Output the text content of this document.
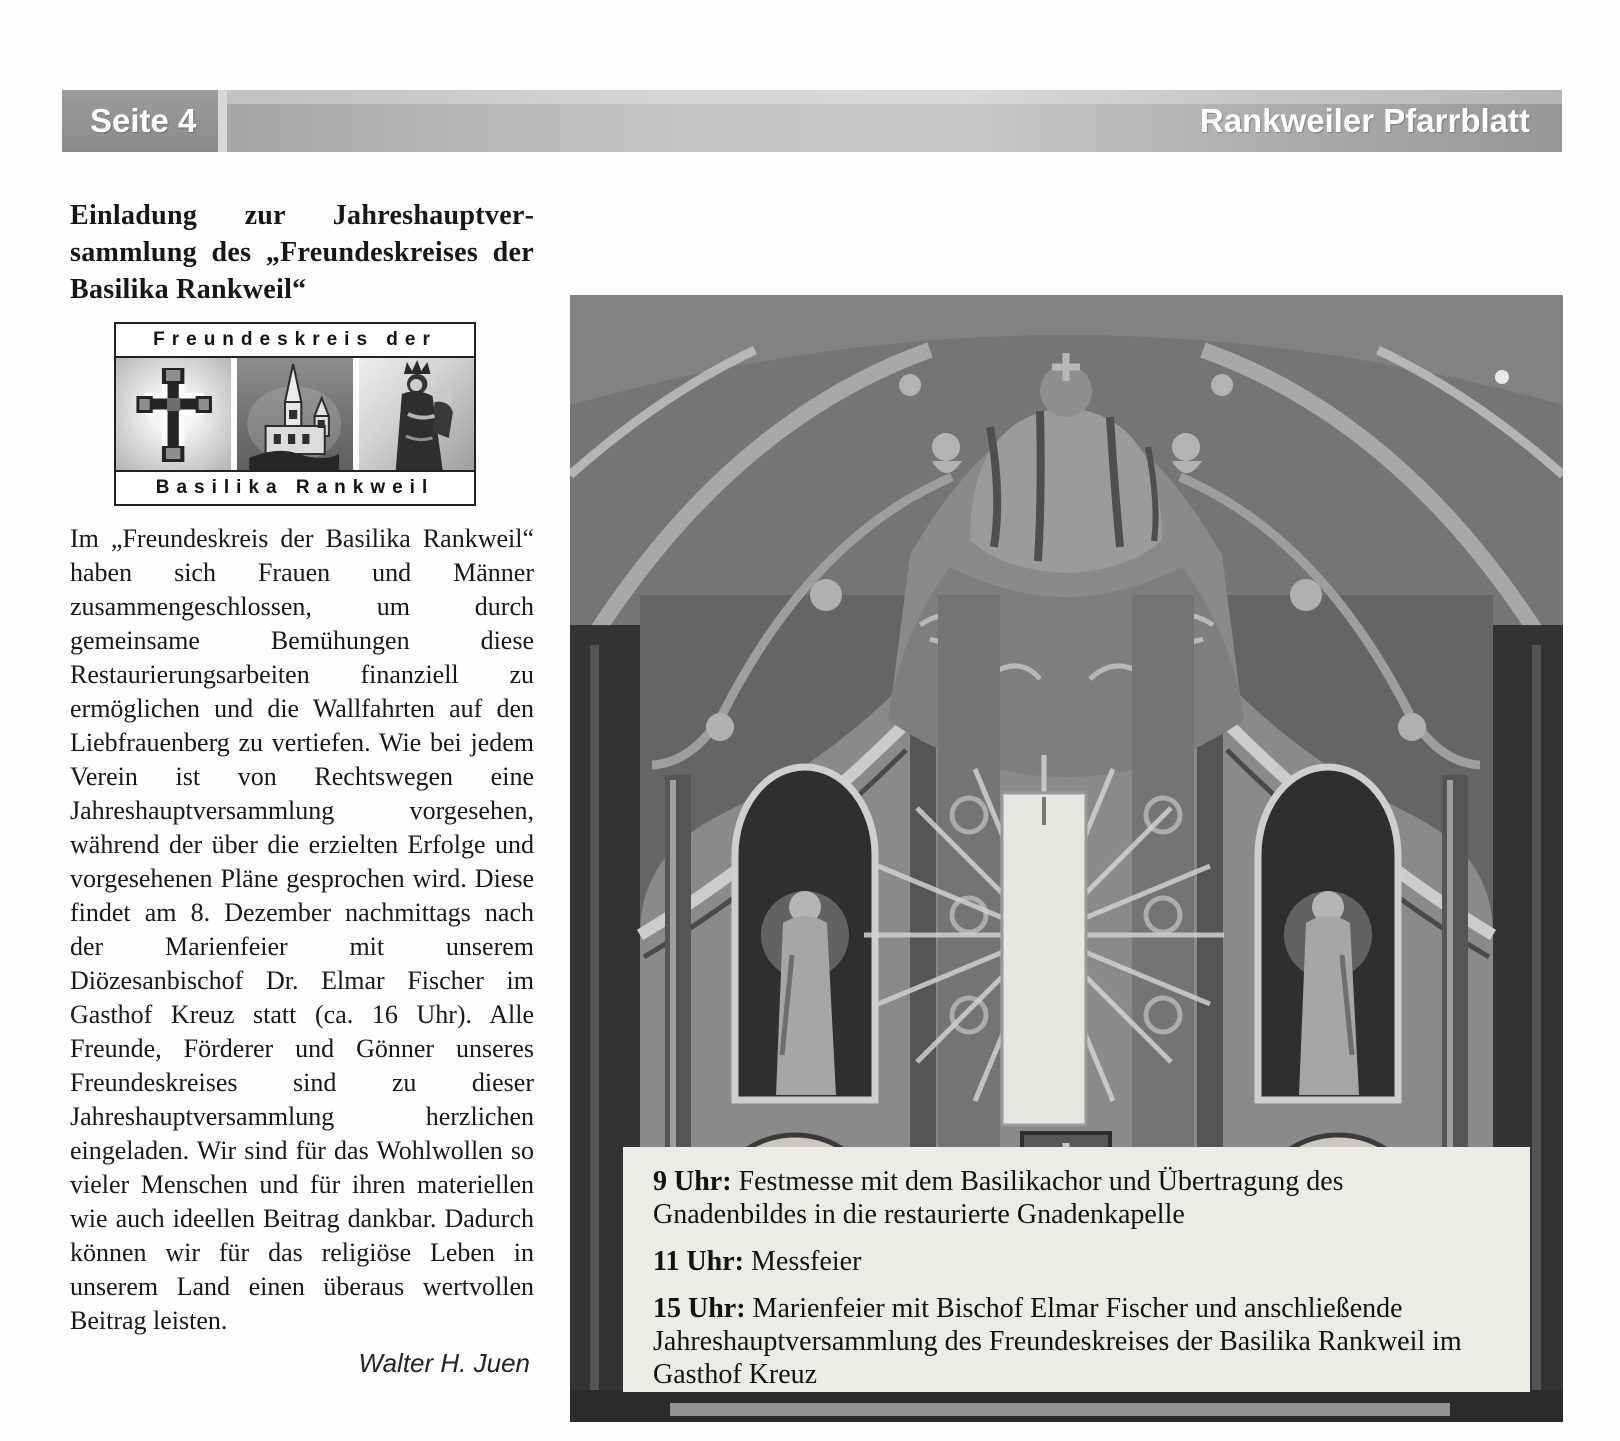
Seite 4	Rankweiler Pfarrblatt
Einladung zur Jahreshauptversammlung des „Freundeskreises der Basilika Rankweil“
Freundeskreis der
Basilika Rankweil

Im „Freundeskreis der Basilika Rankweil“ haben sich Frauen und Männer zusammengeschlossen, um durch gemeinsame Bemühungen diese Restaurierungsarbeiten finanziell zu ermöglichen und die Wallfahrten auf den Liebfrauenberg zu vertiefen. Wie bei jedem Verein ist von Rechtswegen eine Jahreshauptversammlung vorgesehen, während der über die erzielten Erfolge und vorgesehenen Pläne gesprochen wird. Diese findet am 8. Dezember nachmittags nach der Marienfeier mit unserem Diözesanbischof Dr. Elmar Fischer im Gasthof Kreuz statt (ca. 16 Uhr). Alle Freunde, Förderer und Gönner unseres Freundeskreises sind zu dieser Jahreshauptversammlung herzlichen eingeladen. Wir sind für das Wohlwollen so vieler Menschen und für ihren materiellen wie auch ideellen Beitrag dankbar. Dadurch können wir für das religiöse Leben in unserem Land einen überaus wertvollen Beitrag leisten.

Walter H. Juen

9 Uhr: Festmesse mit dem Basilikachor und Übertragung des Gnadenbildes in die restaurierte Gnadenkapelle

11 Uhr: Messfeier

15 Uhr: Marienfeier mit Bischof Elmar Fischer und anschließende Jahreshauptversammlung des Freundeskreises der Basilika Rankweil im Gasthof Kreuz
